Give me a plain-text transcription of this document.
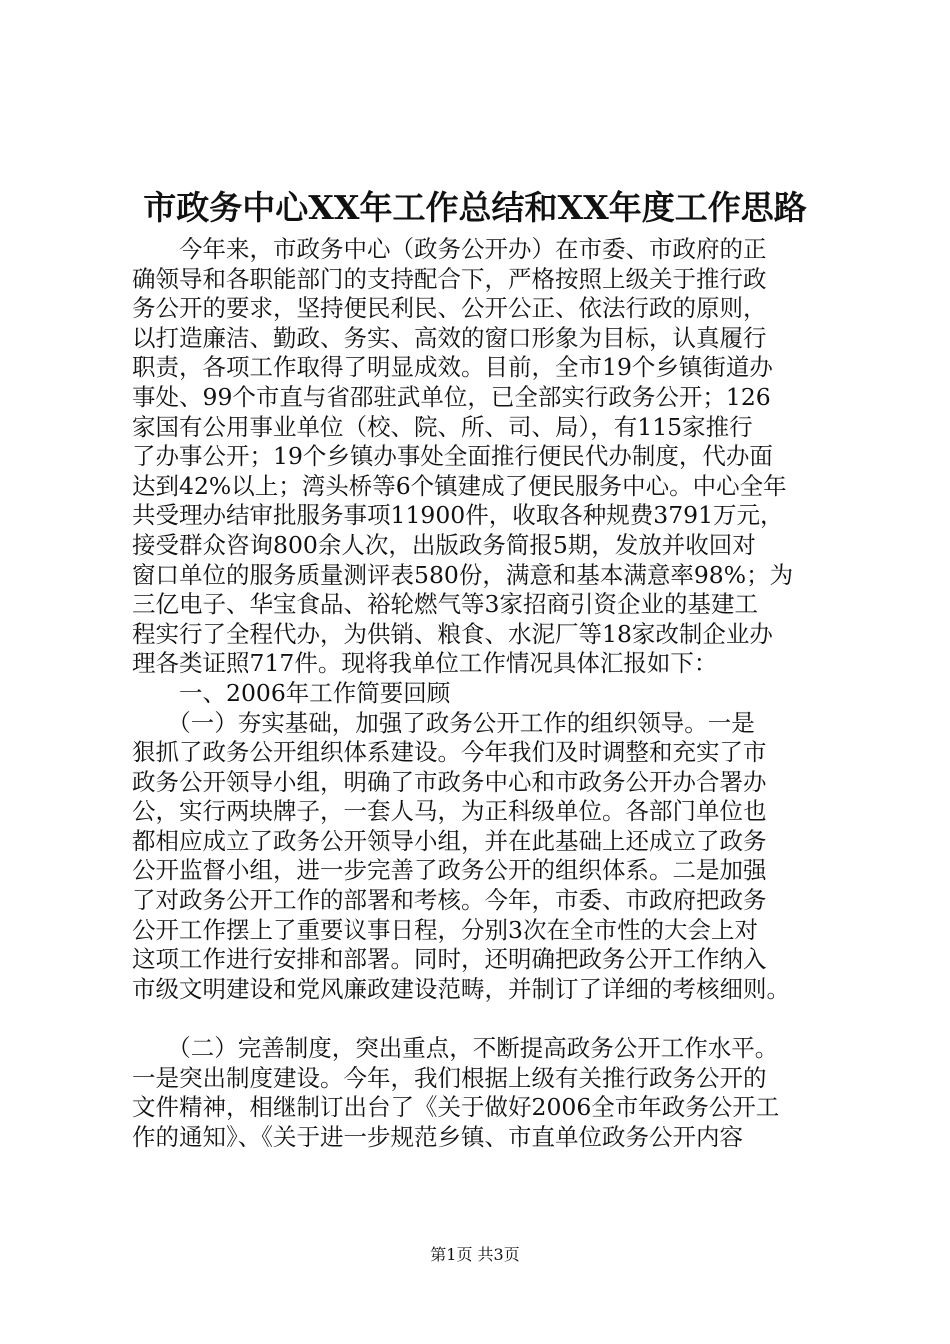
市政务中心XX年工作总结和XX年度工作思路
　　今年来，市政务中心（政务公开办）在市委、市政府的正
确领导和各职能部门的支持配合下，严格按照上级关于推行政
务公开的要求，坚持便民利民、公开公正、依法行政的原则，
以打造廉洁、勤政、务实、高效的窗口形象为目标，认真履行
职责，各项工作取得了明显成效。目前，全市19个乡镇街道办
事处、99个市直与省邵驻武单位，已全部实行政务公开；126
家国有公用事业单位（校、院、所、司、局），有115家推行
了办事公开；19个乡镇办事处全面推行便民代办制度，代办面
达到42%以上；湾头桥等6个镇建成了便民服务中心。中心全年
共受理办结审批服务事项11900件，收取各种规费3791万元，
接受群众咨询800余人次，出版政务简报5期，发放并收回对
窗口单位的服务质量测评表580份，满意和基本满意率98%；为
三亿电子、华宝食品、裕轮燃气等3家招商引资企业的基建工
程实行了全程代办，为供销、粮食、水泥厂等18家改制企业办
理各类证照717件。现将我单位工作情况具体汇报如下：
　　一、2006年工作简要回顾
　　（一）夯实基础，加强了政务公开工作的组织领导。一是
狠抓了政务公开组织体系建设。今年我们及时调整和充实了市
政务公开领导小组，明确了市政务中心和市政务公开办合署办
公，实行两块牌子，一套人马，为正科级单位。各部门单位也
都相应成立了政务公开领导小组，并在此基础上还成立了政务
公开监督小组，进一步完善了政务公开的组织体系。二是加强
了对政务公开工作的部署和考核。今年，市委、市政府把政务
公开工作摆上了重要议事日程，分别3次在全市性的大会上对
这项工作进行安排和部署。同时，还明确把政务公开工作纳入
市级文明建设和党风廉政建设范畴，并制订了详细的考核细则。
　　（二）完善制度，突出重点，不断提高政务公开工作水平。
一是突出制度建设。今年，我们根据上级有关推行政务公开的
文件精神，相继制订出台了《关于做好2006全市年政务公开工
作的通知》、《关于进一步规范乡镇、市直单位政务公开内容
第1页 共3页
